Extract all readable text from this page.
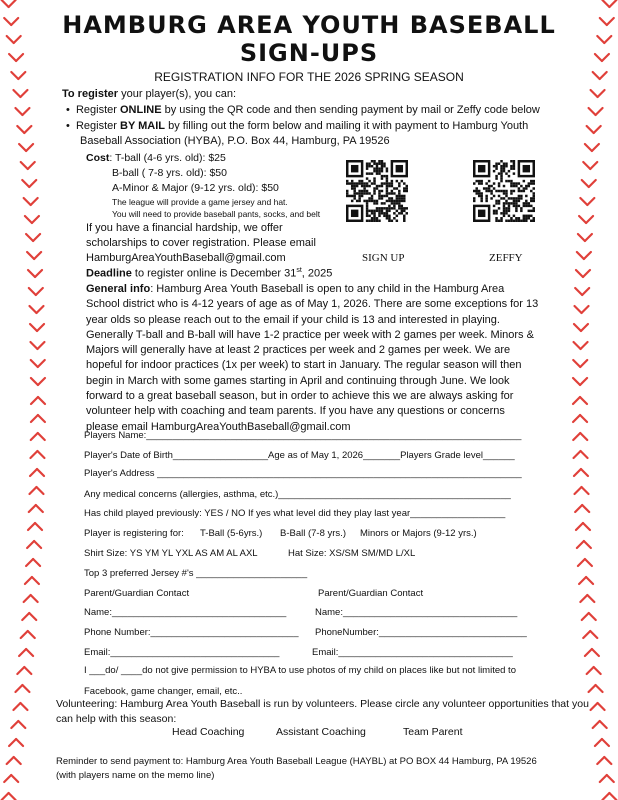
HAMBURG AREA YOUTH BASEBALL
SIGN-UPS
REGISTRATION INFO FOR THE 2026 SPRING SEASON
To register your player(s), you can:
•  Register ONLINE by using the QR code and then sending payment by mail or Zeffy code below
•  Register BY MAIL by filling out the form below and mailing it with payment to Hamburg Youth
Baseball Association (HYBA), P.O. Box 44, Hamburg, PA 19526
Cost: T-ball (4-6 yrs. old): $25
B-ball ( 7-8 yrs. old): $50
A-Minor & Major (9-12 yrs. old): $50
The league will provide a game jersey and hat.
You will need to provide baseball pants, socks, and belt
If you have a financial hardship, we offer
scholarships to cover registration. Please email
HamburgAreaYouthBaseball@gmail.com
Deadline to register online is December 31st, 2025
SIGN UP	ZEFFY
General info: Hamburg Area Youth Baseball is open to any child in the Hamburg Area
School district who is 4-12 years of age as of May 1, 2026. There are some exceptions for 13
year olds so please reach out to the email if your child is 13 and interested in playing.
Generally T-ball and B-ball will have 1-2 practice per week with 2 games per week. Minors &
Majors will generally have at least 2 practices per week and 2 games per week. We are
hopeful for indoor practices (1x per week) to start in January. The regular season will then
begin in March with some games starting in April and continuing through June. We look
forward to a great baseball season, but in order to achieve this we are always asking for
volunteer help with coaching and team parents. If you have any questions or concerns
please email HamburgAreaYouthBaseball@gmail.com
Players Name:_______________________________________________________________________
Player's Date of Birth__________________Age as of May 1, 2026_______Players Grade level______
Player's Address _____________________________________________________________________
Any medical concerns (allergies, asthma, etc.)____________________________________________
Has child played previously: YES / NO If yes what level did they play last year__________________
Player is registering for: T-Ball (5-6yrs.) B-Ball (7-8 yrs.) Minors or Majors (9-12 yrs.)
Shirt Size: YS YM YL YXL AS AM AL AXL	Hat Size: XS/SM SM/MD L/XL
Top 3 preferred Jersey #'s _____________________
Parent/Guardian Contact	Parent/Guardian Contact
Name:_________________________________	Name:_________________________________
Phone Number:____________________________ PhoneNumber:____________________________
Email:________________________________	Email:_________________________________
I ___do/ ____do not give permission to HYBA to use photos of my child on places like but not limited to
Facebook, game changer, email, etc..
Volunteering: Hamburg Area Youth Baseball is run by volunteers. Please circle any volunteer opportunities that you
can help with this season:
Head Coaching	Assistant Coaching	Team Parent
Reminder to send payment to: Hamburg Area Youth Baseball League (HAYBL) at PO BOX 44 Hamburg, PA 19526
(with players name on the memo line)
